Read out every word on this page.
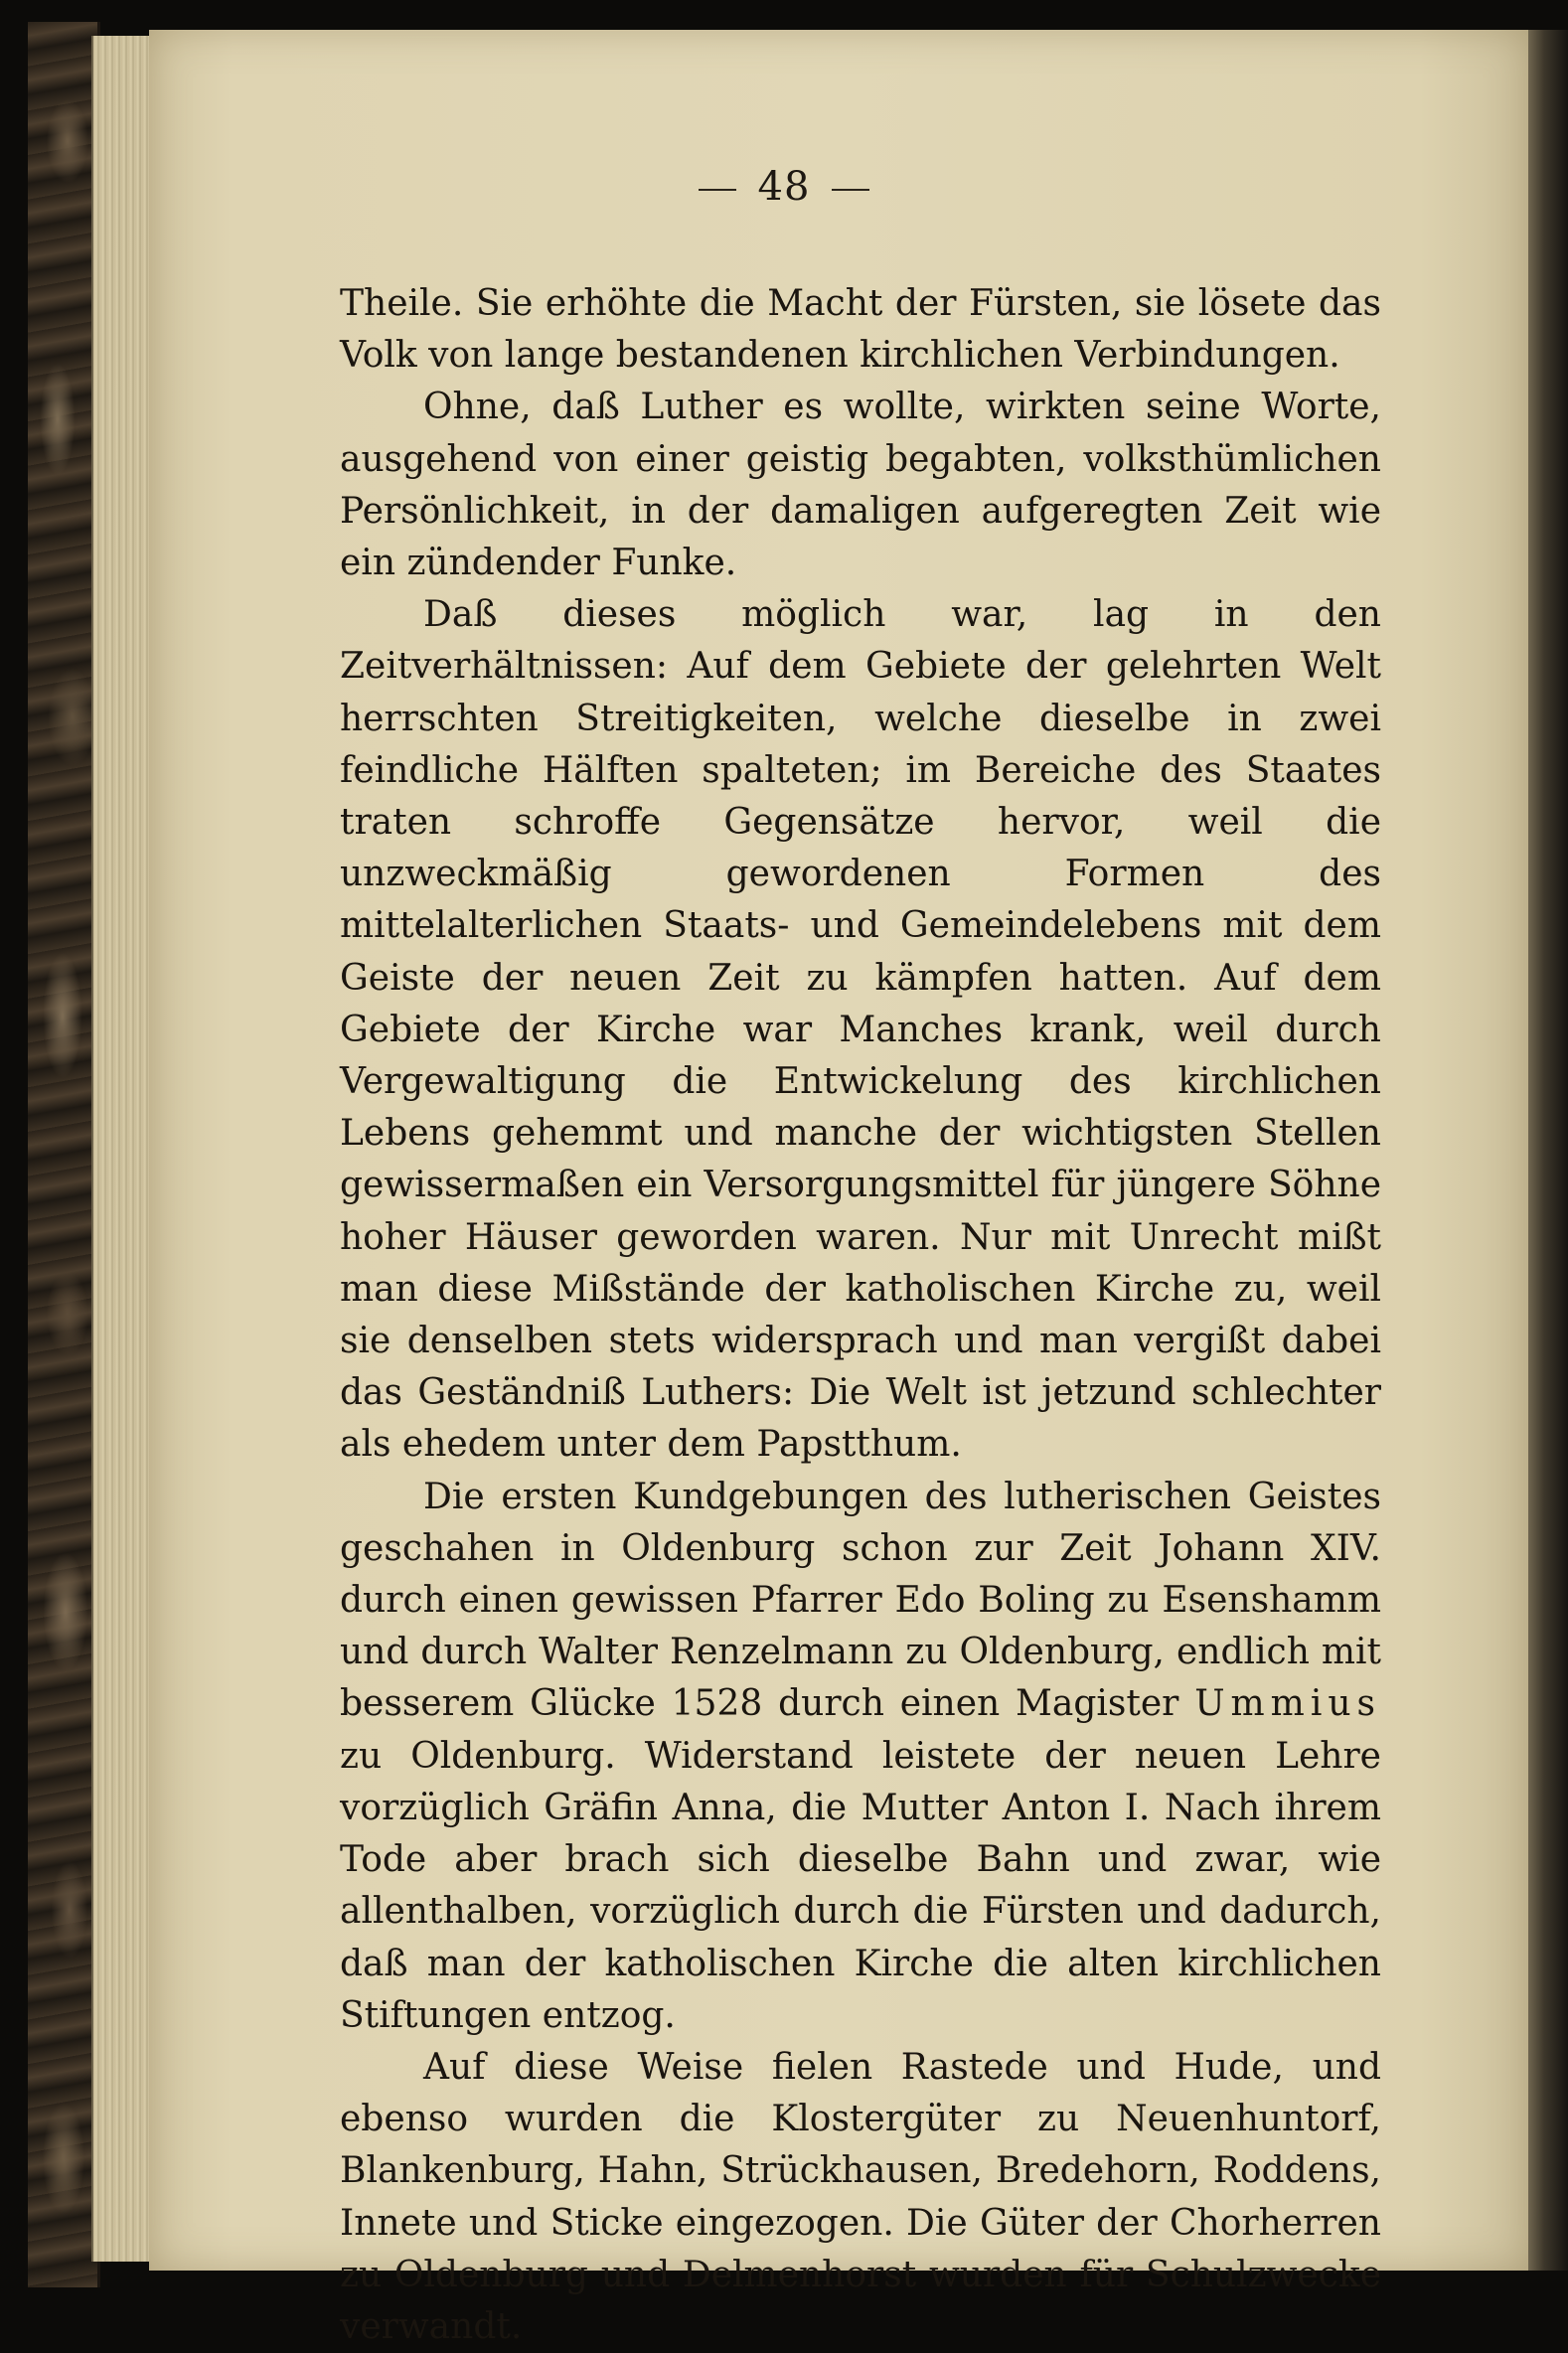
48

Theile. Sie erhöhte die Macht der Fürsten, sie lösete das Volk von lange bestandenen kirchlichen Verbindungen.

Ohne, daß Luther es wollte, wirkten seine Worte, ausgehend von einer geistig begabten, volksthümlichen Persönlichkeit, in der damaligen aufgeregten Zeit wie ein zündender Funke.

Daß dieses möglich war, lag in den Zeitverhältnissen: Auf dem Gebiete der gelehrten Welt herrschten Streitigkeiten, welche dieselbe in zwei feindliche Hälften spalteten; im Bereiche des Staates traten schroffe Gegensätze hervor, weil die unzweckmäßig gewordenen Formen des mittelalterlichen Staats- und Gemeindelebens mit dem Geiste der neuen Zeit zu kämpfen hatten. Auf dem Gebiete der Kirche war Manches krank, weil durch Vergewaltigung die Entwickelung des kirchlichen Lebens gehemmt und manche der wichtigsten Stellen gewissermaßen ein Versorgungsmittel für jüngere Söhne hoher Häuser geworden waren. Nur mit Unrecht mißt man diese Mißstände der katholischen Kirche zu, weil sie denselben stets widersprach und man vergißt dabei das Geständniß Luthers: Die Welt ist jetzund schlechter als ehedem unter dem Papstthum.

Die ersten Kundgebungen des lutherischen Geistes geschahen in Oldenburg schon zur Zeit Johann XIV. durch einen gewissen Pfarrer Edo Boling zu Esenshamm und durch Walter Renzelmann zu Oldenburg, endlich mit besserem Glücke 1528 durch einen Magister Ummius zu Oldenburg. Widerstand leistete der neuen Lehre vorzüglich Gräfin Anna, die Mutter Anton I. Nach ihrem Tode aber brach sich dieselbe Bahn und zwar, wie allenthalben, vorzüglich durch die Fürsten und dadurch, daß man der katholischen Kirche die alten kirchlichen Stiftungen entzog.

Auf diese Weise fielen Rastede und Hude, und ebenso wurden die Klostergüter zu Neuenhuntorf, Blankenburg, Hahn, Strückhausen, Bredehorn, Roddens, Innete und Sticke eingezogen. Die Güter der Chorherren zu Oldenburg und Delmenhorst wurden für Schulzwecke verwandt.
